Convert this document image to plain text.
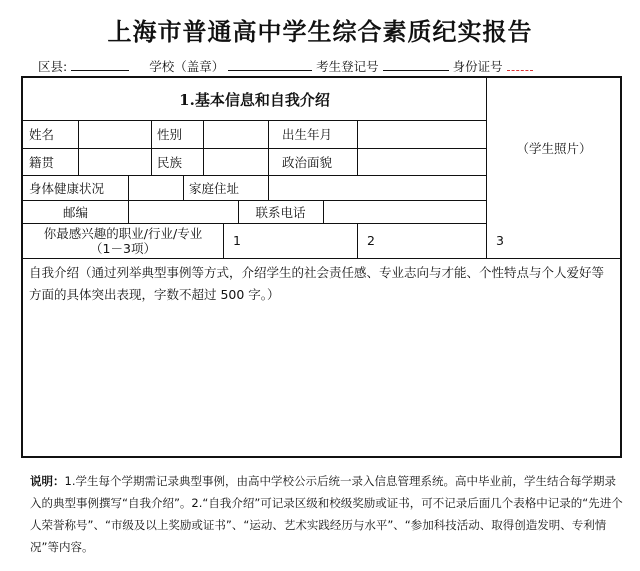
上海市普通高中学生综合素质纪实报告
区县:	学校（盖章）	考生登记号	身份证号
1.基本信息和自我介绍
（学生照片）
姓名	性别	出生年月
籍贯	民族	政治面貌
身体健康状况	家庭住址
邮编	联系电话
你最感兴趣的职业/行业/专业
（1－3项）	1	2	3
自我介绍（通过列举典型事例等方式，介绍学生的社会责任感、专业志向与才能、个性特点与个人爱好等方面的具体突出表现，字数不超过 500 字。）
说明：1.学生每个学期需记录典型事例，由高中学校公示后统一录入信息管理系统。高中毕业前，学生结合每学期录入的典型事例撰写“自我介绍”。2.“自我介绍”可记录区级和校级奖励或证书，可不记录后面几个表格中记录的“先进个人荣誉称号”、“市级及以上奖励或证书”、“运动、艺术实践经历与水平”、“参加科技活动、取得创造发明、专利情况”等内容。
